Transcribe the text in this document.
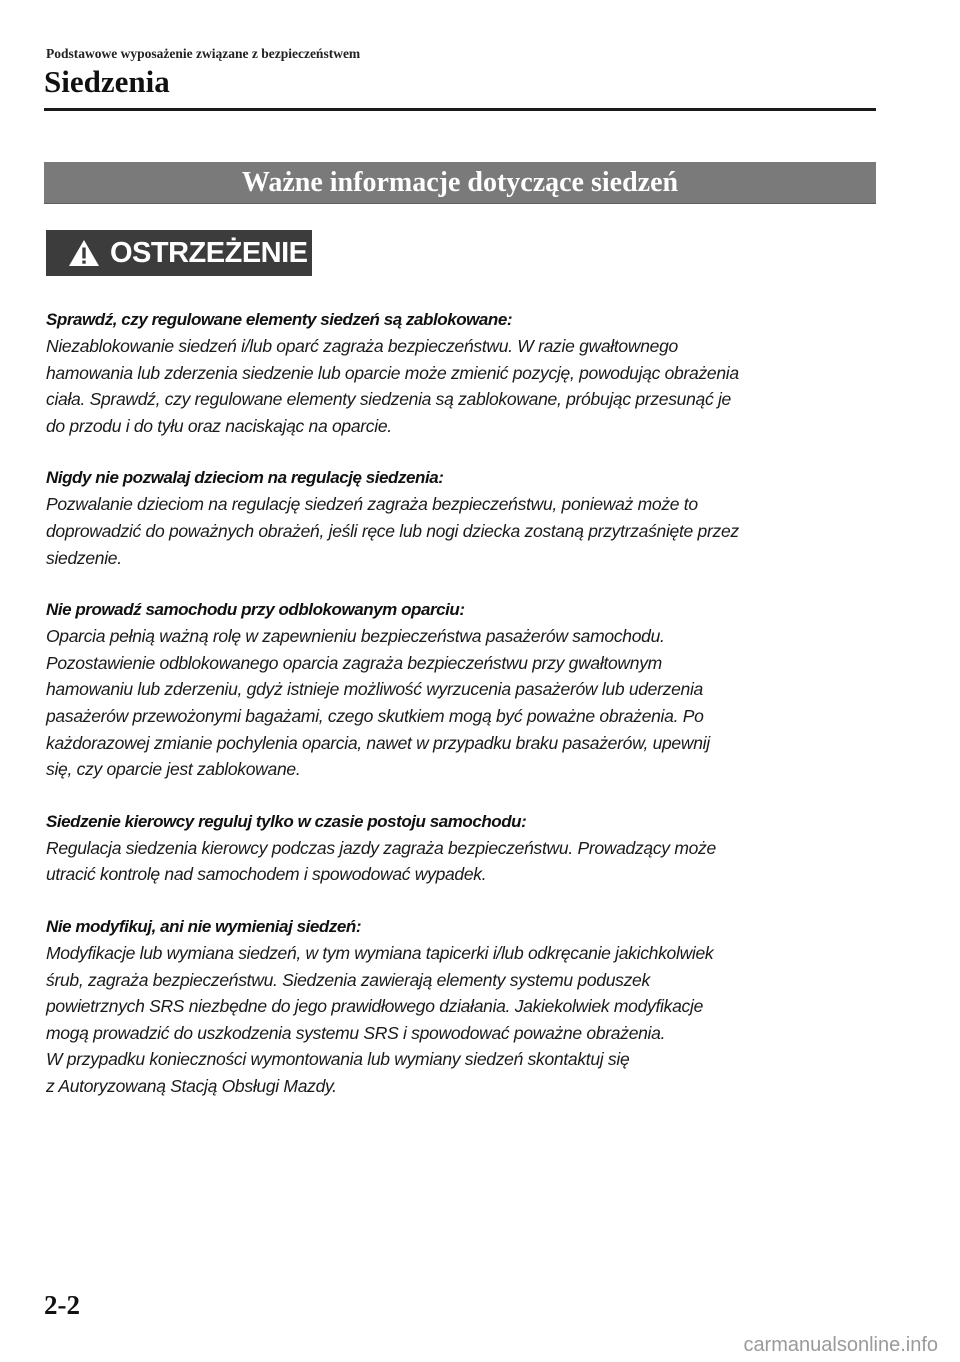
Podstawowe wyposażenie związane z bezpieczeństwem
Siedzenia
Ważne informacje dotyczące siedzeń
OSTRZEŻENIE
Sprawdź, czy regulowane elementy siedzeń są zablokowane:
Niezablokowanie siedzeń i/lub oparć zagraża bezpieczeństwu. W razie gwałtownego
hamowania lub zderzenia siedzenie lub oparcie może zmienić pozycję, powodując obrażenia
ciała. Sprawdź, czy regulowane elementy siedzenia są zablokowane, próbując przesunąć je
do przodu i do tyłu oraz naciskając na oparcie.
Nigdy nie pozwalaj dzieciom na regulację siedzenia:
Pozwalanie dzieciom na regulację siedzeń zagraża bezpieczeństwu, ponieważ może to
doprowadzić do poważnych obrażeń, jeśli ręce lub nogi dziecka zostaną przytrzaśnięte przez
siedzenie.
Nie prowadź samochodu przy odblokowanym oparciu:
Oparcia pełnią ważną rolę w zapewnieniu bezpieczeństwa pasażerów samochodu.
Pozostawienie odblokowanego oparcia zagraża bezpieczeństwu przy gwałtownym
hamowaniu lub zderzeniu, gdyż istnieje możliwość wyrzucenia pasażerów lub uderzenia
pasażerów przewożonymi bagażami, czego skutkiem mogą być poważne obrażenia. Po
każdorazowej zmianie pochylenia oparcia, nawet w przypadku braku pasażerów, upewnij
się, czy oparcie jest zablokowane.
Siedzenie kierowcy reguluj tylko w czasie postoju samochodu:
Regulacja siedzenia kierowcy podczas jazdy zagraża bezpieczeństwu. Prowadzący może
utracić kontrolę nad samochodem i spowodować wypadek.
Nie modyfikuj, ani nie wymieniaj siedzeń:
Modyfikacje lub wymiana siedzeń, w tym wymiana tapicerki i/lub odkręcanie jakichkolwiek
śrub, zagraża bezpieczeństwu. Siedzenia zawierają elementy systemu poduszek
powietrznych SRS niezbędne do jego prawidłowego działania. Jakiekolwiek modyfikacje
mogą prowadzić do uszkodzenia systemu SRS i spowodować poważne obrażenia.
W przypadku konieczności wymontowania lub wymiany siedzeń skontaktuj się
z Autoryzowaną Stacją Obsługi Mazdy.
2-2
carmanualsonline.info
